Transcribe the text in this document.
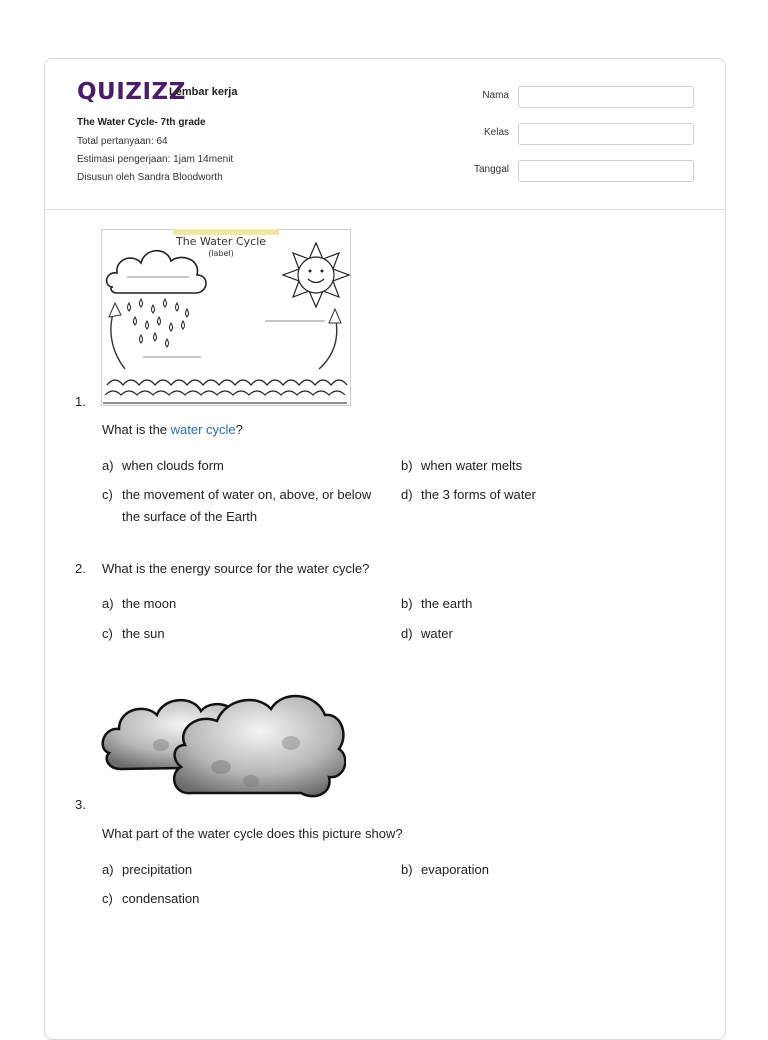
QUIZIZZ
Lembar kerja
The Water Cycle- 7th grade
Total pertanyaan: 64
Estimasi pengerjaan: 1jam 14menit
Disusun oleh Sandra Bloodworth
Nama
Kelas
Tanggal
The Water Cycle
(label)
1.
What is the water cycle?
a) when clouds form	b) when water melts
c) the movement of water on, above, or below the surface of the Earth
d) the 3 forms of water
2. What is the energy source for the water cycle?
a) the moon	b) the earth
c) the sun	d) water
3.
What part of the water cycle does this picture show?
a) precipitation	b) evaporation
c) condensation
